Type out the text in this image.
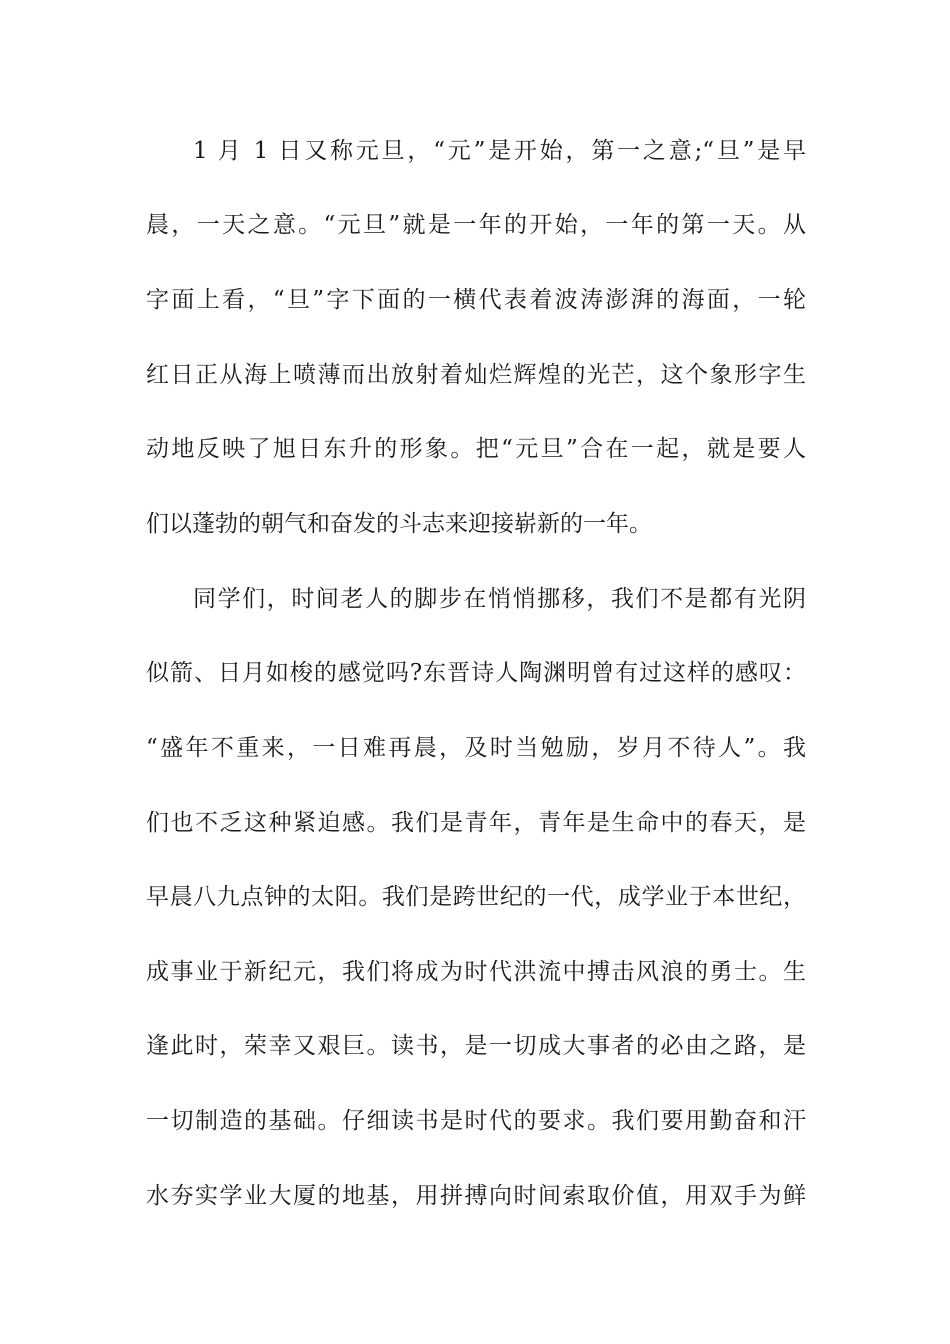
1 月 1 日又称元旦，“元”是开始，第一之意;“旦”是早
晨，一天之意。“元旦”就是一年的开始，一年的第一天。从
字面上看，“旦”字下面的一横代表着波涛澎湃的海面，一轮
红日正从海上喷薄而出放射着灿烂辉煌的光芒，这个象形字生
动地反映了旭日东升的形象。把“元旦”合在一起，就是要人
们以蓬勃的朝气和奋发的斗志来迎接崭新的一年。
同学们，时间老人的脚步在悄悄挪移，我们不是都有光阴
似箭、日月如梭的感觉吗?东晋诗人陶渊明曾有过这样的感叹：
“盛年不重来，一日难再晨，及时当勉励，岁月不待人”。我
们也不乏这种紧迫感。我们是青年，青年是生命中的春天，是
早晨八九点钟的太阳。我们是跨世纪的一代，成学业于本世纪，
成事业于新纪元，我们将成为时代洪流中搏击风浪的勇士。生
逢此时，荣幸又艰巨。读书，是一切成大事者的必由之路，是
一切制造的基础。仔细读书是时代的要求。我们要用勤奋和汗
水夯实学业大厦的地基，用拼搏向时间索取价值，用双手为鲜
